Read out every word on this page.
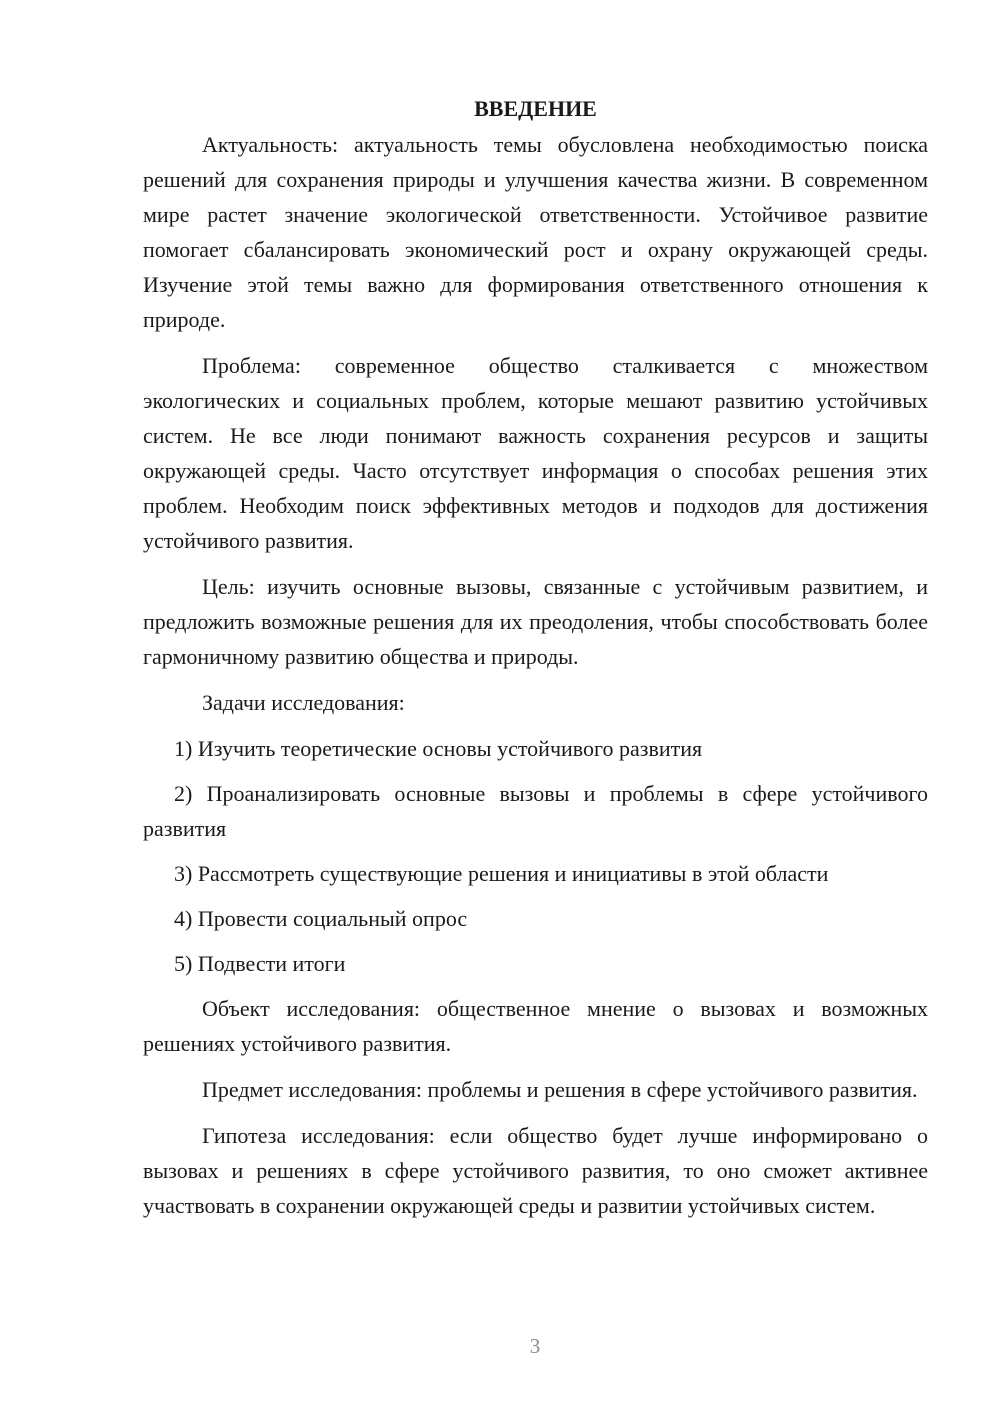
ВВЕДЕНИЕ

Актуальность: актуальность темы обусловлена необходимостью поиска решений для сохранения природы и улучшения качества жизни. В современном мире растет значение экологической ответственности. Устойчивое развитие помогает сбалансировать экономический рост и охрану окружающей среды. Изучение этой темы важно для формирования ответственного отношения к природе.

Проблема: современное общество сталкивается с множеством экологических и социальных проблем, которые мешают развитию устойчивых систем. Не все люди понимают важность сохранения ресурсов и защиты окружающей среды. Часто отсутствует информация о способах решения этих проблем. Необходим поиск эффективных методов и подходов для достижения устойчивого развития.

Цель: изучить основные вызовы, связанные с устойчивым развитием, и предложить возможные решения для их преодоления, чтобы способствовать более гармоничному развитию общества и природы.

Задачи исследования:

1) Изучить теоретические основы устойчивого развития

2) Проанализировать основные вызовы и проблемы в сфере устойчивого развития

3) Рассмотреть существующие решения и инициативы в этой области

4) Провести социальный опрос

5) Подвести итоги

Объект исследования: общественное мнение о вызовах и возможных решениях устойчивого развития.

Предмет исследования: проблемы и решения в сфере устойчивого развития.

Гипотеза исследования: если общество будет лучше информировано о вызовах и решениях в сфере устойчивого развития, то оно сможет активнее участвовать в сохранении окружающей среды и развитии устойчивых систем.

3
